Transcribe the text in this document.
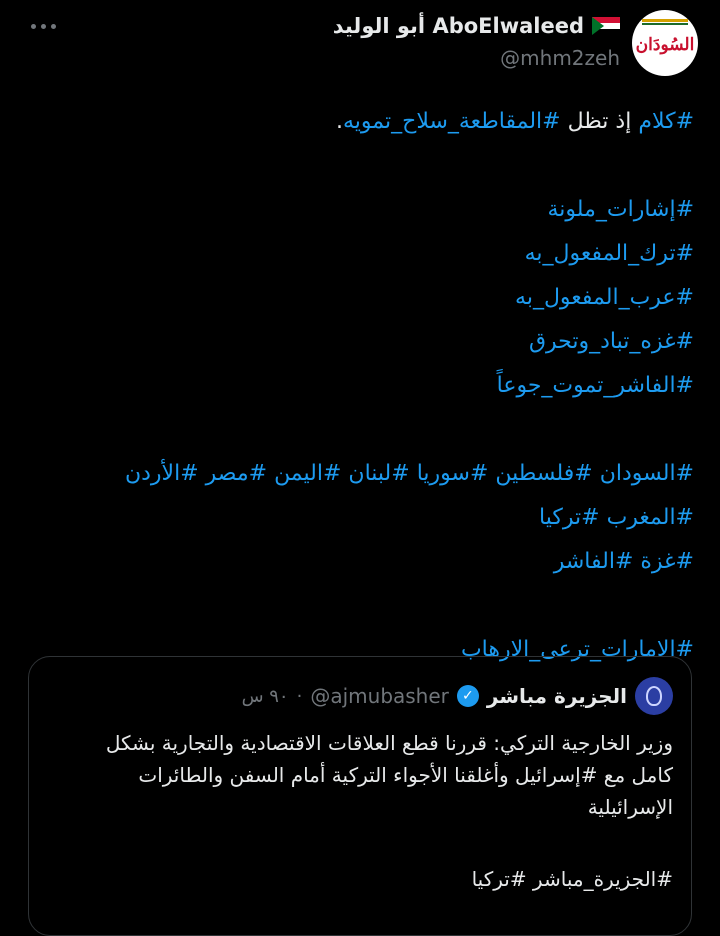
السُودَان
AboElwaleed أبو الوليد
@mhm2zeh
#كلام إذ تظل #المقاطعة_سلاح_تمويه.
#إشارات_ملونة
#ترك_المفعول_به
#عرب_المفعول_به
#غزه_تباد_وتحرق
#الفاشر_تموت_جوعاً
#السودان #فلسطين #سوريا #لبنان #اليمن #مصر #الأردن
#المغرب #تركيا
#غزة #الفاشر
#الامارات_ترعى_الارهاب
الجزيرة مباشر
✓
@ajmubasher
·
٩٠ س
وزير الخارجية التركي: قررنا قطع العلاقات الاقتصادية والتجارية بشكل
كامل مع #إسرائيل وأغلقنا الأجواء التركية أمام السفن والطائرات
الإسرائيلية
#الجزيرة_مباشر #تركيا
